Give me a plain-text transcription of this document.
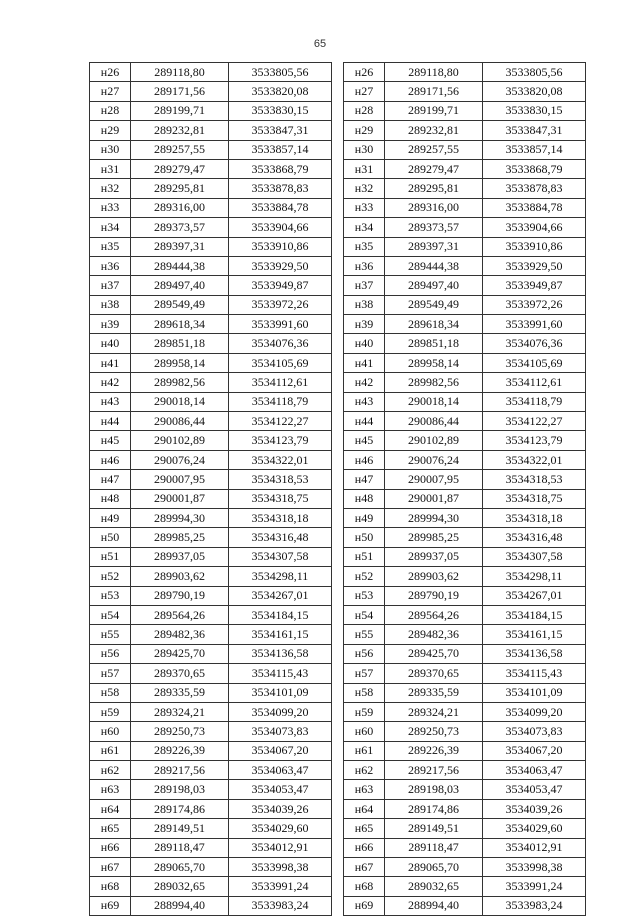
65
н26	289118,80	3533805,56
н27	289171,56	3533820,08
н28	289199,71	3533830,15
н29	289232,81	3533847,31
н30	289257,55	3533857,14
н31	289279,47	3533868,79
н32	289295,81	3533878,83
н33	289316,00	3533884,78
н34	289373,57	3533904,66
н35	289397,31	3533910,86
н36	289444,38	3533929,50
н37	289497,40	3533949,87
н38	289549,49	3533972,26
н39	289618,34	3533991,60
н40	289851,18	3534076,36
н41	289958,14	3534105,69
н42	289982,56	3534112,61
н43	290018,14	3534118,79
н44	290086,44	3534122,27
н45	290102,89	3534123,79
н46	290076,24	3534322,01
н47	290007,95	3534318,53
н48	290001,87	3534318,75
н49	289994,30	3534318,18
н50	289985,25	3534316,48
н51	289937,05	3534307,58
н52	289903,62	3534298,11
н53	289790,19	3534267,01
н54	289564,26	3534184,15
н55	289482,36	3534161,15
н56	289425,70	3534136,58
н57	289370,65	3534115,43
н58	289335,59	3534101,09
н59	289324,21	3534099,20
н60	289250,73	3534073,83
н61	289226,39	3534067,20
н62	289217,56	3534063,47
н63	289198,03	3534053,47
н64	289174,86	3534039,26
н65	289149,51	3534029,60
н66	289118,47	3534012,91
н67	289065,70	3533998,38
н68	289032,65	3533991,24
н69	288994,40	3533983,24
н26	289118,80	3533805,56
н27	289171,56	3533820,08
н28	289199,71	3533830,15
н29	289232,81	3533847,31
н30	289257,55	3533857,14
н31	289279,47	3533868,79
н32	289295,81	3533878,83
н33	289316,00	3533884,78
н34	289373,57	3533904,66
н35	289397,31	3533910,86
н36	289444,38	3533929,50
н37	289497,40	3533949,87
н38	289549,49	3533972,26
н39	289618,34	3533991,60
н40	289851,18	3534076,36
н41	289958,14	3534105,69
н42	289982,56	3534112,61
н43	290018,14	3534118,79
н44	290086,44	3534122,27
н45	290102,89	3534123,79
н46	290076,24	3534322,01
н47	290007,95	3534318,53
н48	290001,87	3534318,75
н49	289994,30	3534318,18
н50	289985,25	3534316,48
н51	289937,05	3534307,58
н52	289903,62	3534298,11
н53	289790,19	3534267,01
н54	289564,26	3534184,15
н55	289482,36	3534161,15
н56	289425,70	3534136,58
н57	289370,65	3534115,43
н58	289335,59	3534101,09
н59	289324,21	3534099,20
н60	289250,73	3534073,83
н61	289226,39	3534067,20
н62	289217,56	3534063,47
н63	289198,03	3534053,47
н64	289174,86	3534039,26
н65	289149,51	3534029,60
н66	289118,47	3534012,91
н67	289065,70	3533998,38
н68	289032,65	3533991,24
н69	288994,40	3533983,24
